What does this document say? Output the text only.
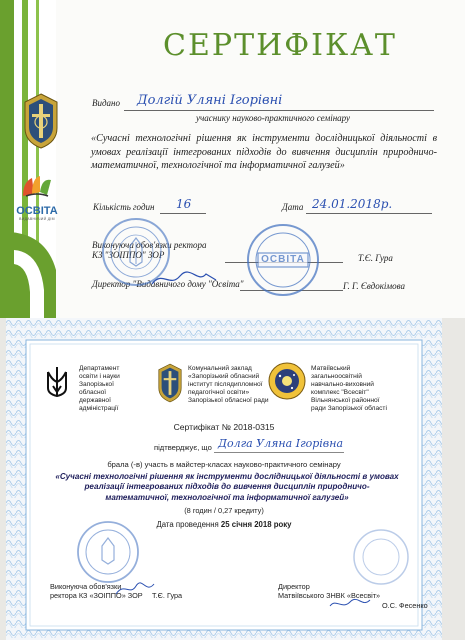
ОСВІТА
ВИДАВНИЧИЙ ДІМ
СЕРТИФІКАТ
Видано Долгій Уляні Ігорівні
учаснику науково-практичного семінару
«Сучасні технологічні рішення як інструменти дослідницької діяльності в умовах реалізації інтегрованих підходів до вивчення дисциплін природничо-математичної, технологічної та інформатичної галузей»
Кількість годин 16	Дата 24.01.2018р.
Виконуюча обов'язки ректора
КЗ "ЗОІППО" ЗОР	Т.Є. Гура
Директор "Видавничого дому "Освіта"	Г. Г. Євдокімова
ОСВІТА
Департамент
освіти і науки
Запорізької
обласної
державної
адміністрації
Комунальний заклад
«Запорізький обласний
інститут післядипломної
педагогічної освіти»
Запорізької обласної ради
Матвіївський
загальноосвітній
навчально-виховний
комплекс "Всесвіт"
Вільнянської районної
ради Запорізької області
Сертифікат № 2018-0315
підтверджує, що Долга Уляна Ігорівна
брала (-в) участь в майстер-класах науково-практичного семінару
«Сучасні технологічні рішення як інструменти дослідницької діяльності в умовах
реалізації інтегрованих підходів до вивчення дисциплін природничо-
математичної, технологічної та інформатичної галузей»
(8 годин / 0,27 кредиту)
Дата проведення 25 січня 2018 року
Виконуюча обов'язки
ректора КЗ «ЗОІППО» ЗОР Т.Є. Гура
Директор
Матвіївського ЗНВК «Всесвіт»
О.С. Фесенко
